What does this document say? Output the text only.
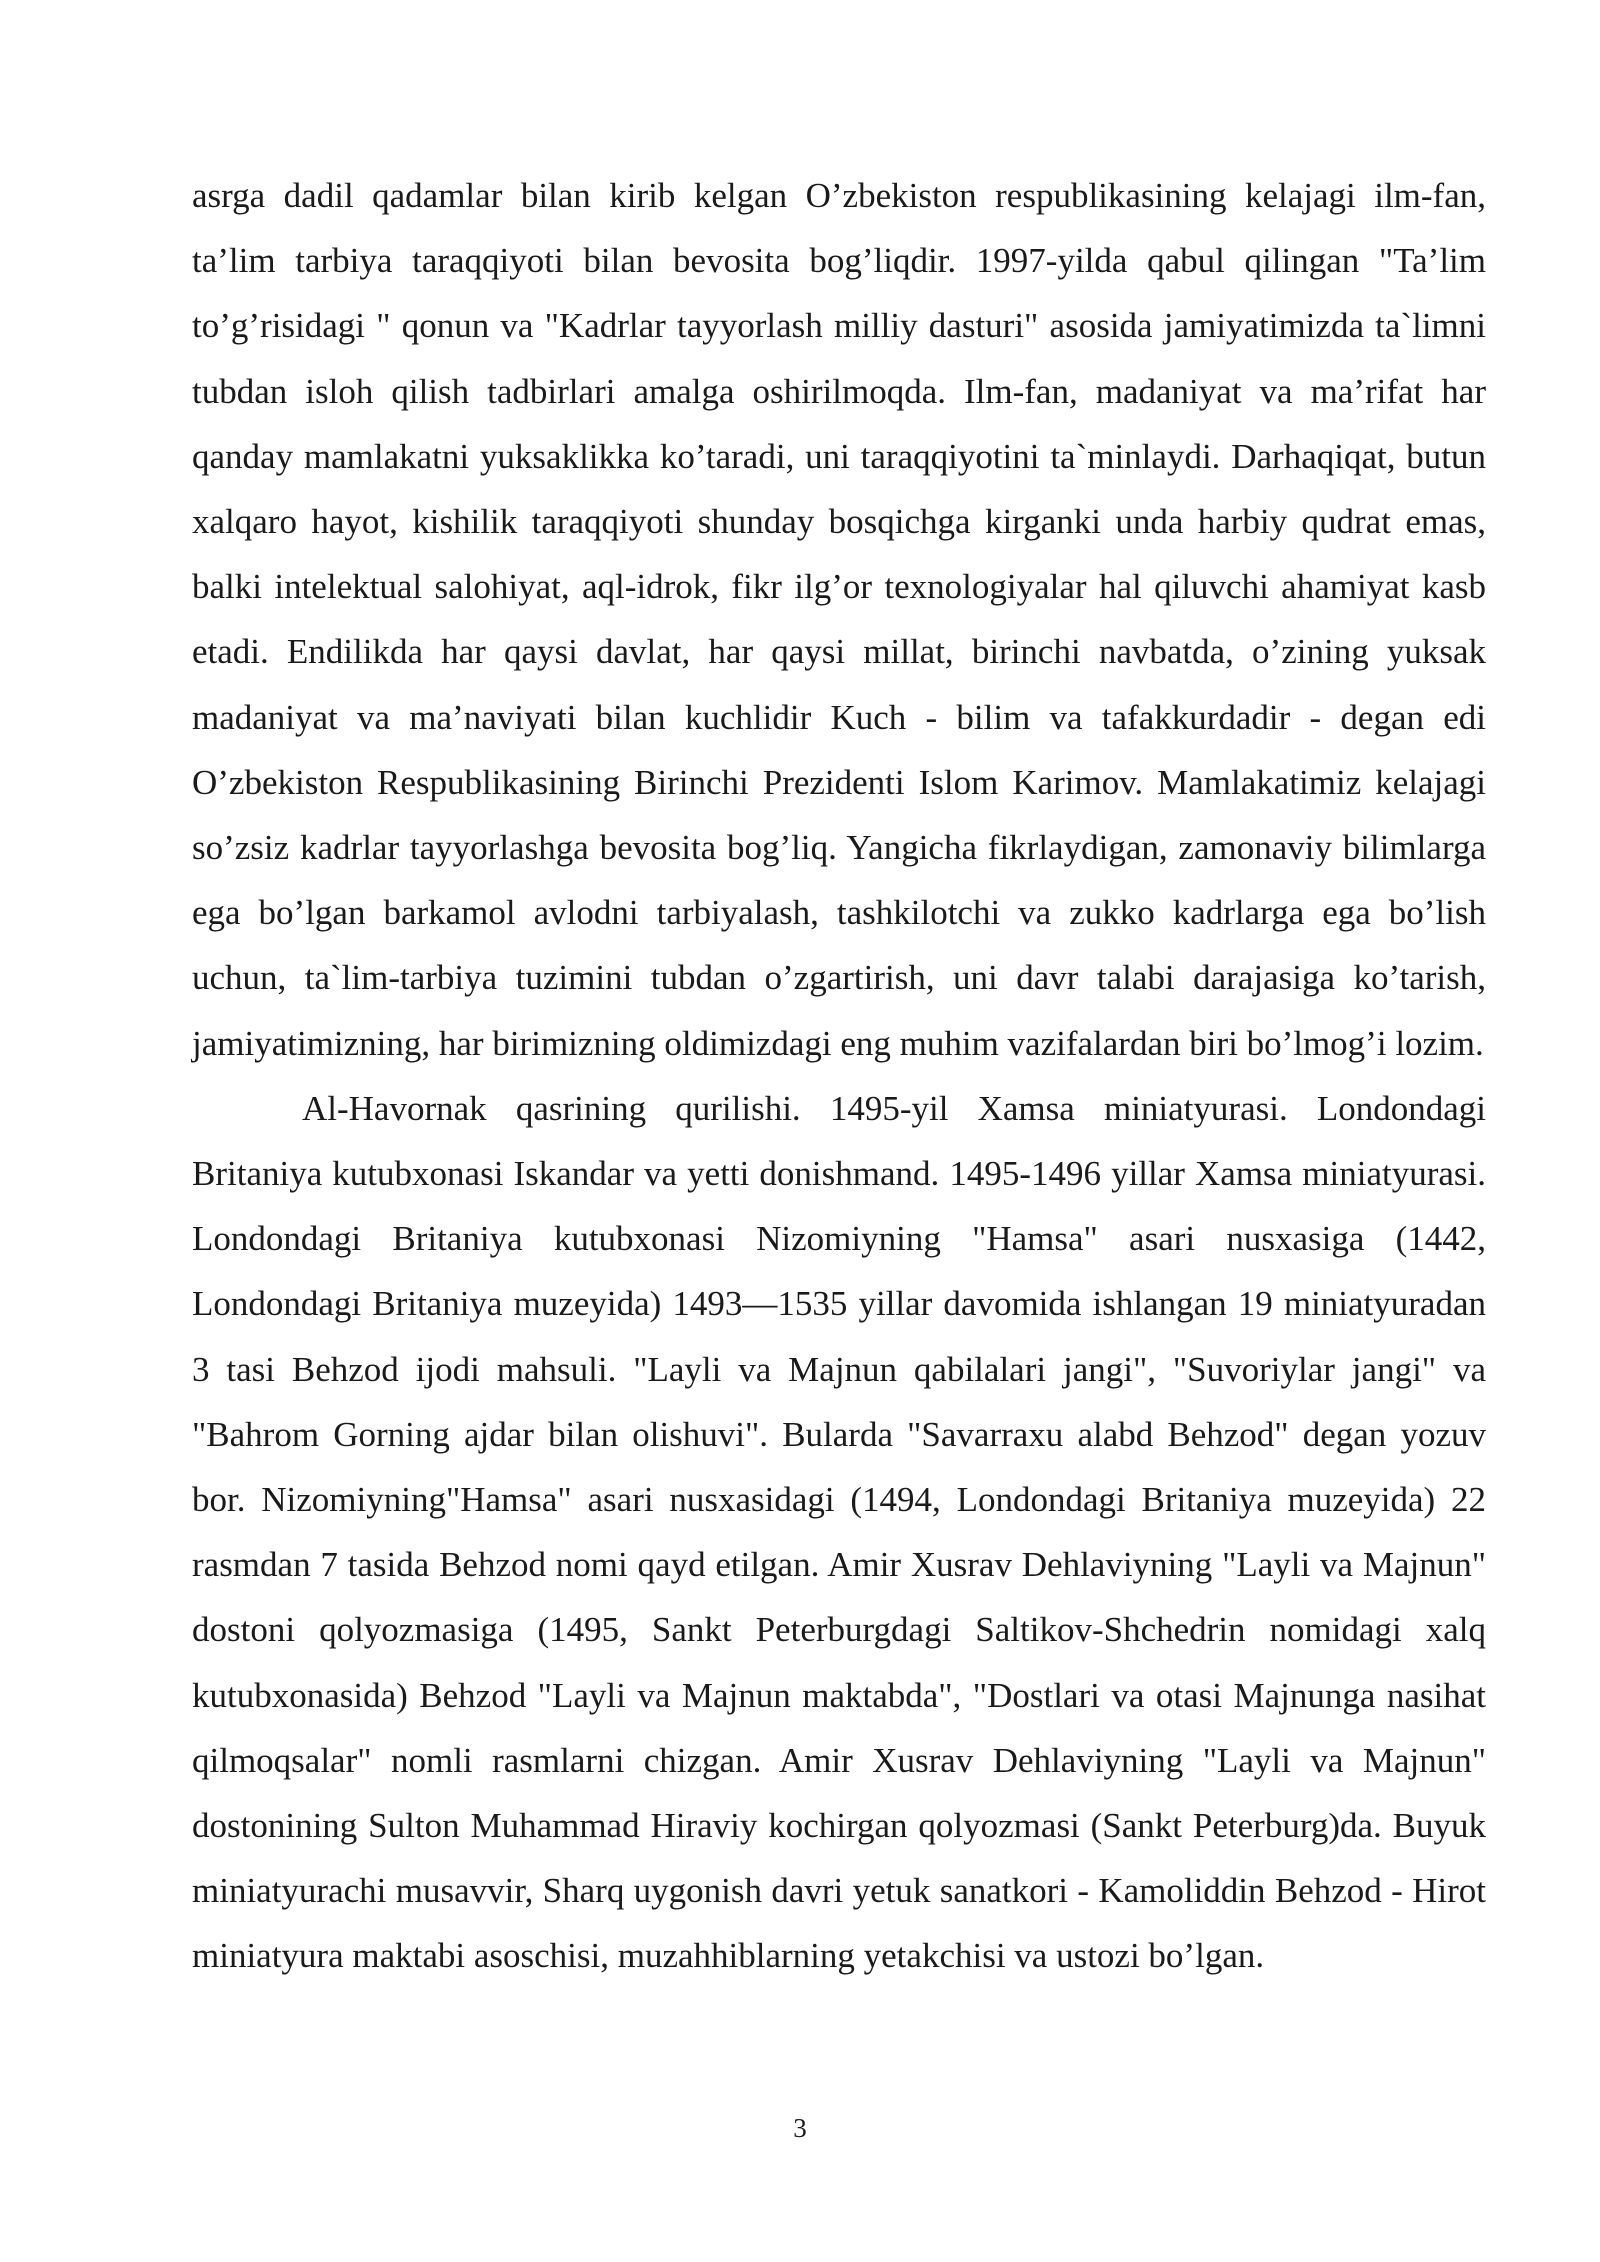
asrga dadil qadamlar bilan kirib kelgan O’zbekiston respublikasining kelajagi ilm-fan, ta’lim tarbiya taraqqiyoti bilan bevosita bog’liqdir. 1997-yilda qabul qilingan "Ta’lim to’g’risidagi " qonun va "Kadrlar tayyorlash milliy dasturi" asosida jamiyatimizda ta`limni tubdan isloh qilish tadbirlari amalga oshirilmoqda. Ilm-fan, madaniyat va ma’rifat har qanday mamlakatni yuksaklikka ko’taradi, uni taraqqiyotini ta`minlaydi. Darhaqiqat, butun xalqaro hayot, kishilik taraqqiyoti shunday bosqichga kirganki unda harbiy qudrat emas, balki intelektual salohiyat, aql-idrok, fikr ilg’or texnologiyalar hal qiluvchi ahamiyat kasb etadi. Endilikda har qaysi davlat, har qaysi millat, birinchi navbatda, o’zining yuksak madaniyat va ma’naviyati bilan kuchlidir Kuch - bilim va tafakkurdadir - degan edi O’zbekiston Respublikasining Birinchi Prezidenti Islom Karimov. Mamlakatimiz kelajagi so’zsiz kadrlar tayyorlashga bevosita bog’liq. Yangicha fikrlaydigan, zamonaviy bilimlarga ega bo’lgan barkamol avlodni tarbiyalash, tashkilotchi va zukko kadrlarga ega bo’lish uchun, ta`lim-tarbiya tuzimini tubdan o’zgartirish, uni davr talabi darajasiga ko’tarish, jamiyatimizning, har birimizning oldimizdagi eng muhim vazifalardan biri bo’lmog’i lozim.

Al-Havornak qasrining qurilishi. 1495-yil Xamsa miniatyurasi. Londondagi Britaniya kutubxonasi Iskandar va yetti donishmand. 1495-1496 yillar Xamsa miniatyurasi. Londondagi Britaniya kutubxonasi Nizomiyning "Hamsa" asari nusxasiga (1442, Londondagi Britaniya muzeyida) 1493—1535 yillar davomida ishlangan 19 miniatyuradan 3 tasi Behzod ijodi mahsuli. "Layli va Majnun qabilalari jangi", "Suvoriylar jangi" va "Bahrom Gorning ajdar bilan olishuvi". Bularda "Savarraxu alabd Behzod" degan yozuv bor. Nizomiyning"Hamsa" asari nusxasidagi (1494, Londondagi Britaniya muzeyida) 22 rasmdan 7 tasida Behzod nomi qayd etilgan. Amir Xusrav Dehlaviyning "Layli va Majnun" dostoni qolyozmasiga (1495, Sankt Peterburgdagi Saltikov-Shchedrin nomidagi xalq kutubxonasida) Behzod "Layli va Majnun maktabda", "Dostlari va otasi Majnunga nasihat qilmoqsalar" nomli rasmlarni chizgan. Amir Xusrav Dehlaviyning "Layli va Majnun" dostonining Sulton Muhammad Hiraviy kochirgan qolyozmasi (Sankt Peterburg)da. Buyuk miniatyurachi musavvir, Sharq uygonish davri yetuk sanatkori - Kamoliddin Behzod - Hirot miniatyura maktabi asoschisi, muzahhiblarning yetakchisi va ustozi bo’lgan.

3
